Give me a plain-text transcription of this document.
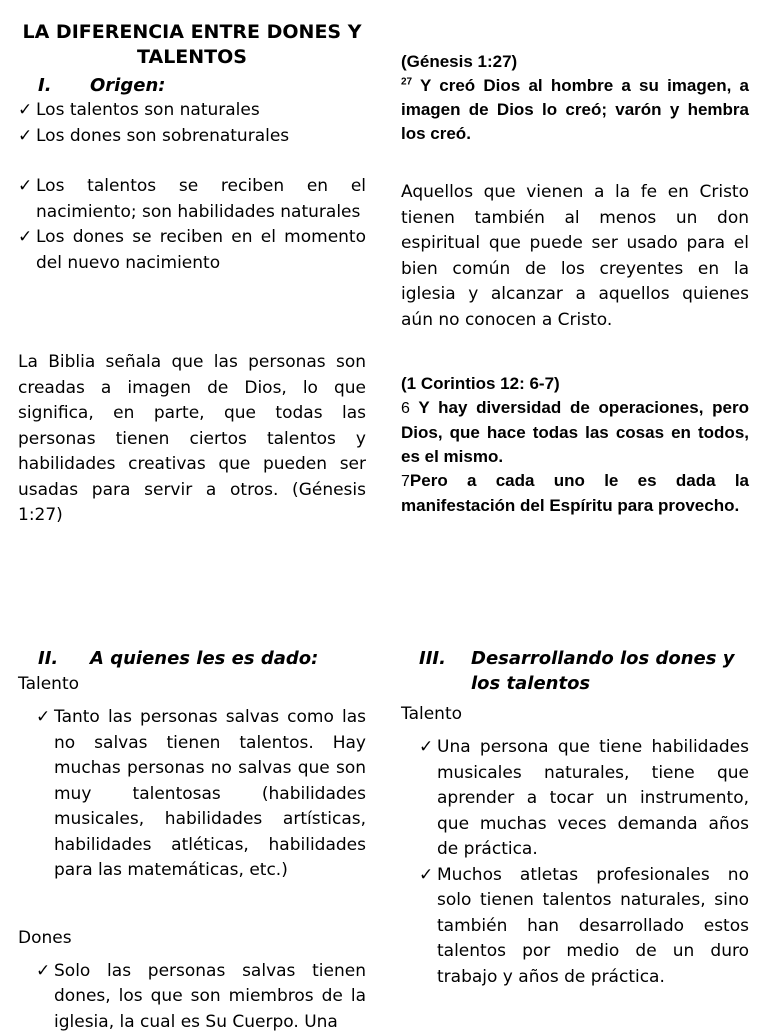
LA DIFERENCIA ENTRE DONES Y TALENTOS
I.	Origen:
✓ Los talentos son naturales
✓ Los dones son sobrenaturales
✓ Los talentos se reciben en el nacimiento; son habilidades naturales
✓ Los dones se reciben en el momento del nuevo nacimiento
La Biblia señala que las personas son creadas a imagen de Dios, lo que significa, en parte, que todas las personas tienen ciertos talentos y habilidades creativas que pueden ser usadas para servir a otros. (Génesis 1:27)
(Génesis 1:27)
$^{27}$ Y creó Dios al hombre a su imagen, a imagen de Dios lo creó; varón y hembra los creó.
Aquellos que vienen a la fe en Cristo tienen también al menos un don espiritual que puede ser usado para el bien común de los creyentes en la iglesia y alcanzar a aquellos quienes aún no conocen a Cristo.
(1 Corintios 12: 6-7)
6 Y hay diversidad de operaciones, pero Dios, que hace todas las cosas en todos, es el mismo.
7Pero a cada uno le es dada la manifestación del Espíritu para provecho.
II.	A quienes les es dado:
Talento
✓ Tanto las personas salvas como las no salvas tienen talentos. Hay muchas personas no salvas que son muy talentosas (habilidades musicales, habilidades artísticas, habilidades atléticas, habilidades para las matemáticas, etc.)
Dones
✓ Solo las personas salvas tienen dones, los que son miembros de la iglesia, la cual es Su Cuerpo. Una
III.	Desarrollando los dones y los talentos
Talento
✓ Una persona que tiene habilidades musicales naturales, tiene que aprender a tocar un instrumento, que muchas veces demanda años de práctica.
✓ Muchos atletas profesionales no solo tienen talentos naturales, sino también han desarrollado estos talentos por medio de un duro trabajo y años de práctica.
